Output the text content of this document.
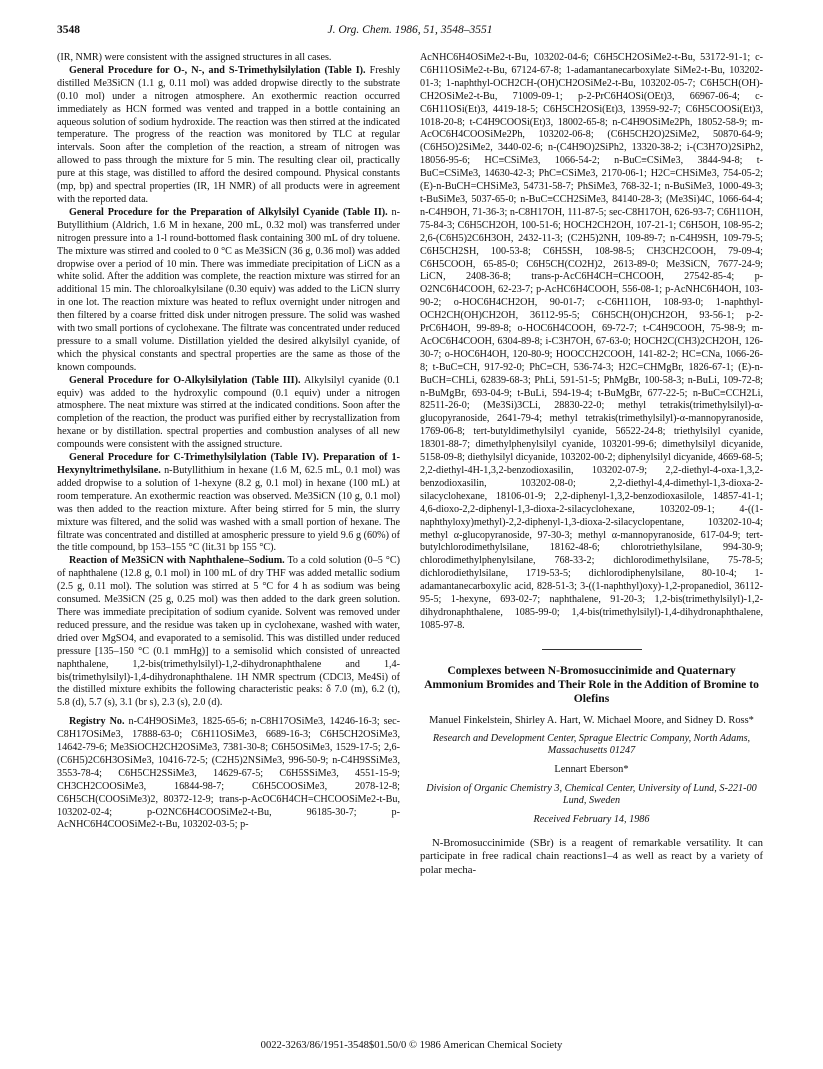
3548	J. Org. Chem. 1986, 51, 3548–3551

(IR, NMR) were consistent with the assigned structures in all cases.

General Procedure for O-, N-, and S-Trimethylsilylation (Table I). Freshly distilled Me3SiCN (1.1 g, 0.11 mol) was added dropwise directly to the substrate (0.10 mol) under a nitrogen atmosphere. An exothermic reaction occurred immediately as HCN formed was vented and trapped in a bottle containing an aqueous solution of sodium hydroxide. The reaction was then stirred at the indicated temperature. The progress of the reaction was monitored by TLC at regular intervals. Soon after the completion of the reaction, a stream of nitrogen was allowed to pass through the mixture for 5 min. The resulting clear oil, practically pure at this stage, was distilled to afford the desired compound. Physical constants (mp, bp) and spectral properties (IR, 1H NMR) of all products were in agreement with the reported data.

General Procedure for the Preparation of Alkylsilyl Cyanide (Table II). n-Butyllithium (Aldrich, 1.6 M in hexane, 200 mL, 0.32 mol) was transferred under nitrogen pressure into a 1-l round-bottomed flask containing 300 mL of dry toluene. The mixture was stirred and cooled to 0 °C as Me3SiCN (36 g, 0.36 mol) was added dropwise over a period of 10 min. There was immediate precipitation of LiCN as a white solid. After the addition was complete, the reaction mixture was stirred for an additional 15 min. The chloroalkylsilane (0.30 equiv) was added to the LiCN slurry in one lot. The reaction mixture was heated to reflux overnight under nitrogen and then filtered by a coarse fritted disk under nitrogen pressure. The solid was washed with two small portions of cyclohexane. The filtrate was concentrated under reduced pressure to a small volume. Distillation yielded the desired alkylsilyl cyanide, of which the physical constants and spectral properties are the same as those of the known compounds.

General Procedure for O-Alkylsilylation (Table III). Alkylsilyl cyanide (0.1 equiv) was added to the hydroxylic compound (0.1 equiv) under a nitrogen atmosphere. The neat mixture was stirred at the indicated conditions. Soon after the completion of the reaction, the product was purified either by recrystallization from hexane or by distillation. spectral properties and combustion analyses of all new compounds were consistent with the assigned structure.

General Procedure for C-Trimethylsilylation (Table IV). Preparation of 1-Hexynyltrimethylsilane. n-Butyllithium in hexane (1.6 M, 62.5 mL, 0.1 mol) was added dropwise to a solution of 1-hexyne (8.2 g, 0.1 mol) in hexane (100 mL) at room temperature. An exothermic reaction was observed. Me3SiCN (10 g, 0.1 mol) was then added to the reaction mixture. After being stirred for 5 min, the slurry mixture was filtered, and the solid was washed with a small portion of hexane. The filtrate was concentrated and distilled at amospheric pressure to yield 9.6 g (60%) of the title compound, bp 153–155 °C (lit.31 bp 155 °C).

Reaction of Me3SiCN with Naphthalene–Sodium. To a cold solution (0–5 °C) of naphthalene (12.8 g, 0.1 mol) in 100 mL of dry THF was added metallic sodium (2.5 g, 0.11 mol). The solution was stirred at 5 °C for 4 h as sodium was being consumed. Me3SiCN (25 g, 0.25 mol) was then added to the dark green solution. There was immediate precipitation of sodium cyanide. Solvent was removed under reduced pressure, and the residue was taken up in cyclohexane, washed with water, dried over MgSO4, and evaporated to a semisolid. This was distilled under reduced pressure [135–150 °C (0.1 mmHg)] to a semisolid which consisted of unreacted naphthalene, 1,2-bis(trimethylsilyl)-1,2-dihydronaphthalene and 1,4-bis(trimethylsilyl)-1,4-dihydronaphthalene. 1H NMR spectrum (CDCl3, Me4Si) of the distilled mixture exhibits the following characteristic peaks: δ 7.0 (m), 6.2 (t), 5.8 (d), 5.7 (s), 3.1 (br s), 2.3 (s), 2.0 (d).

Registry No. n-C4H9OSiMe3, 1825-65-6; n-C8H17OSiMe3, 14246-16-3; sec-C8H17OSiMe3, 17888-63-0; C6H11OSiMe3, 6689-16-3; C6H5CH2OSiMe3, 14642-79-6; Me3SiOCH2CH2OSiMe3, 7381-30-8; C6H5OSiMe3, 1529-17-5; 2,6-(C6H5)2C6H3OSiMe3, 10416-72-5; (C2H5)2NSiMe3, 996-50-9; n-C4H9SSiMe3, 3553-78-4; C6H5CH2SSiMe3, 14629-67-5; C6H5SSiMe3, 4551-15-9; CH3CH2COOSiMe3, 16844-98-7; C6H5COOSiMe3, 2078-12-8; C6H5CH(COOSiMe3)2, 80372-12-9; trans-p-AcOC6H4CH=CHCOOSiMe2-t-Bu, 103202-02-4; p-O2NC6H4COOSiMe2-t-Bu, 96185-30-7; p-AcNHC6H4COOSiMe2-t-Bu, 103202-03-5; p-

AcNHC6H4OSiMe2-t-Bu, 103202-04-6; C6H5CH2OSiMe2-t-Bu, 53172-91-1; c-C6H11OSiMe2-t-Bu, 67124-67-8; 1-adamantanecarboxylate SiMe2-t-Bu, 103202-01-3; 1-naphthyl-OCH2CH-(OH)CH2OSiMe2-t-Bu, 103202-05-7; C6H5CH(OH)-CH2OSiMe2-t-Bu, 71009-09-1; p-2-PrC6H4OSi(OEt)3, 66967-06-4; c-C6H11OSi(Et)3, 4419-18-5; C6H5CH2OSi(Et)3, 13959-92-7; C6H5COOSi(Et)3, 1018-20-8; t-C4H9COOSi(Et)3, 18002-65-8; n-C4H9OSiMe2Ph, 18052-58-9; m-AcOC6H4COOSiMe2Ph, 103202-06-8; (C6H5CH2O)2SiMe2, 50870-64-9; (C6H5O)2SiMe2, 3440-02-6; n-(C4H9O)2SiPh2, 13320-38-2; i-(C3H7O)2SiPh2, 18056-95-6; HC≡CSiMe3, 1066-54-2; n-BuC≡CSiMe3, 3844-94-8; t-BuC≡CSiMe3, 14630-42-3; PhC≡CSiMe3, 2170-06-1; H2C=CHSiMe3, 754-05-2; (E)-n-BuCH=CHSiMe3, 54731-58-7; PhSiMe3, 768-32-1; n-BuSiMe3, 1000-49-3; t-BuSiMe3, 5037-65-0; n-BuC≡CCH2SiMe3, 84140-28-3; (Me3Si)4C, 1066-64-4; n-C4H9OH, 71-36-3; n-C8H17OH, 111-87-5; sec-C8H17OH, 626-93-7; C6H11OH, 75-84-3; C6H5CH2OH, 100-51-6; HOCH2CH2OH, 107-21-1; C6H5OH, 108-95-2; 2,6-(C6H5)2C6H3OH, 2432-11-3; (C2H5)2NH, 109-89-7; n-C4H9SH, 109-79-5; C6H5CH2SH, 100-53-8; C6H5SH, 108-98-5; CH3CH2COOH, 79-09-4; C6H5COOH, 65-85-0; C6H5CH(CO2H)2, 2613-89-0; Me3SiCN, 7677-24-9; LiCN, 2408-36-8; trans-p-AcC6H4CH=CHCOOH, 27542-85-4; p-O2NC6H4COOH, 62-23-7; p-AcHC6H4COOH, 556-08-1; p-AcNHC6H4OH, 103-90-2; o-HOC6H4CH2OH, 90-01-7; c-C6H11OH, 108-93-0; 1-naphthyl-OCH2CH(OH)CH2OH, 36112-95-5; C6H5CH(OH)CH2OH, 93-56-1; p-2-PrC6H4OH, 99-89-8; o-HOC6H4COOH, 69-72-7; t-C4H9COOH, 75-98-9; m-AcOC6H4COOH, 6304-89-8; i-C3H7OH, 67-63-0; HOCH2C(CH3)2CH2OH, 126-30-7; o-HOC6H4OH, 120-80-9; HOOCCH2COOH, 141-82-2; HC≡CNa, 1066-26-8; t-BuC≡CH, 917-92-0; PhC≡CH, 536-74-3; H2C=CHMgBr, 1826-67-1; (E)-n-BuCH=CHLi, 62839-68-3; PhLi, 591-51-5; PhMgBr, 100-58-3; n-BuLi, 109-72-8; n-BuMgBr, 693-04-9; t-BuLi, 594-19-4; t-BuMgBr, 677-22-5; n-BuC≡CCH2Li, 82511-26-0; (Me3Si)3CLi, 28830-22-0; methyl tetrakis(trimethylsilyl)-α-glucopyranoside, 2641-79-4; methyl tetrakis(trimethylsilyl)-α-mannopyranoside, 1769-06-8; tert-butyldimethylsilyl cyanide, 56522-24-8; triethylsilyl cyanide, 18301-88-7; dimethylphenylsilyl cyanide, 103201-99-6; dimethylsilyl dicyanide, 5158-09-8; diethylsilyl dicyanide, 103202-00-2; diphenylsilyl dicyanide, 4669-68-5; 2,2-diethyl-4H-1,3,2-benzodioxasilin, 103202-07-9; 2,2-diethyl-4-oxa-1,3,2-benzodioxasilin, 103202-08-0; 2,2-diethyl-4,4-dimethyl-1,3-dioxa-2-silacyclohexane, 18106-01-9; 2,2-diphenyl-1,3,2-benzodioxasilole, 14857-41-1; 4,6-dioxo-2,2-diphenyl-1,3-dioxa-2-silacyclohexane, 103202-09-1; 4-((1-naphthyloxy)methyl)-2,2-diphenyl-1,3-dioxa-2-silacyclopentane, 103202-10-4; methyl α-glucopyranoside, 97-30-3; methyl α-mannopyranoside, 617-04-9; tert-butylchlorodimethylsilane, 18162-48-6; chlorotriethylsilane, 994-30-9; chlorodimethylphenylsilane, 768-33-2; dichlorodimethylsilane, 75-78-5; dichlorodiethylsilane, 1719-53-5; dichlorodiphenylsilane, 80-10-4; 1-adamantanecarboxylic acid, 828-51-3; 3-((1-naphthyl)oxy)-1,2-propanediol, 36112-95-5; 1-hexyne, 693-02-7; naphthalene, 91-20-3; 1,2-bis(trimethylsilyl)-1,2-dihydronaphthalene, 1085-99-0; 1,4-bis(trimethylsilyl)-1,4-dihydronaphthalene, 1085-97-8.

Complexes between N-Bromosuccinimide and Quaternary Ammonium Bromides and Their Role in the Addition of Bromine to Olefins
Manuel Finkelstein, Shirley A. Hart, W. Michael Moore, and Sidney D. Ross*
Research and Development Center, Sprague Electric Company, North Adams, Massachusetts 01247
Lennart Eberson*
Division of Organic Chemistry 3, Chemical Center, University of Lund, S-221-00 Lund, Sweden
Received February 14, 1986

N-Bromosuccinimide (SBr) is a reagent of remarkable versatility. It can participate in free radical chain reactions1–4 as well as react by a variety of polar mecha-

0022-3263/86/1951-3548$01.50/0 © 1986 American Chemical Society
